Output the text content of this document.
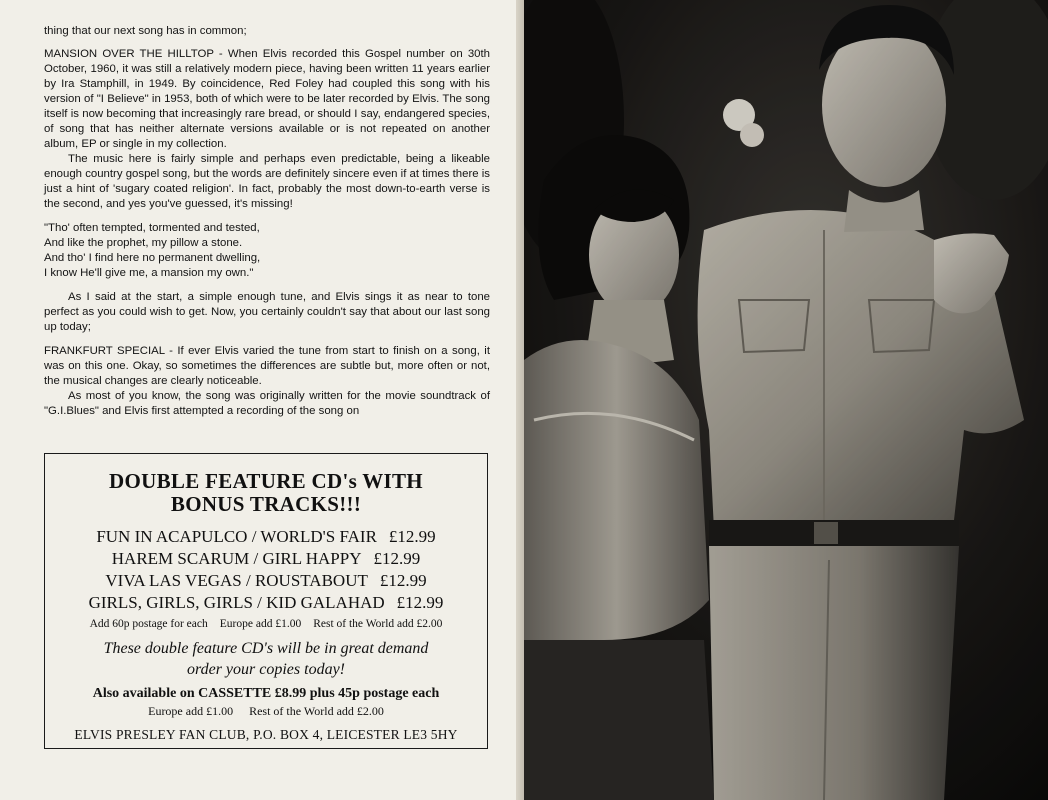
thing that our next song has in common;

MANSION OVER THE HILLTOP - When Elvis recorded this Gospel number on 30th October, 1960, it was still a relatively modern piece, having been written 11 years earlier by Ira Stamphill, in 1949. By coincidence, Red Foley had coupled this song with his version of "I Believe" in 1953, both of which were to be later recorded by Elvis. The song itself is now becoming that increasingly rare bread, or should I say, endangered species, of song that has neither alternate versions available or is not repeated on another album, EP or single in my collection.

The music here is fairly simple and perhaps even predictable, being a likeable enough country gospel song, but the words are definitely sincere even if at times there is just a hint of 'sugary coated religion'. In fact, probably the most down-to-earth verse is the second, and yes you've guessed, it's missing!

"Tho' often tempted, tormented and tested,
And like the prophet, my pillow a stone.
And tho' I find here no permanent dwelling,
I know He'll give me, a mansion my own."

As I said at the start, a simple enough tune, and Elvis sings it as near to tone perfect as you could wish to get. Now, you certainly couldn't say that about our last song up today;

FRANKFURT SPECIAL - If ever Elvis varied the tune from start to finish on a song, it was on this one. Okay, so sometimes the differences are subtle but, more often or not, the musical changes are clearly noticeable.

As most of you know, the song was originally written for the movie soundtrack of "G.I.Blues" and Elvis first attempted a recording of the song on

DOUBLE FEATURE CD's WITH
BONUS TRACKS!!!
FUN IN ACAPULCO / WORLD'S FAIR £12.99
HAREM SCARUM / GIRL HAPPY £12.99
VIVA LAS VEGAS / ROUSTABOUT £12.99
GIRLS, GIRLS, GIRLS / KID GALAHAD £12.99
Add 60p postage for each Europe add £1.00 Rest of the World add £2.00
These double feature CD's will be in great demand
order your copies today!
Also available on CASSETTE £8.99 plus 45p postage each
Europe add £1.00 Rest of the World add £2.00
ELVIS PRESLEY FAN CLUB, P.O. BOX 4, LEICESTER LE3 5HY
